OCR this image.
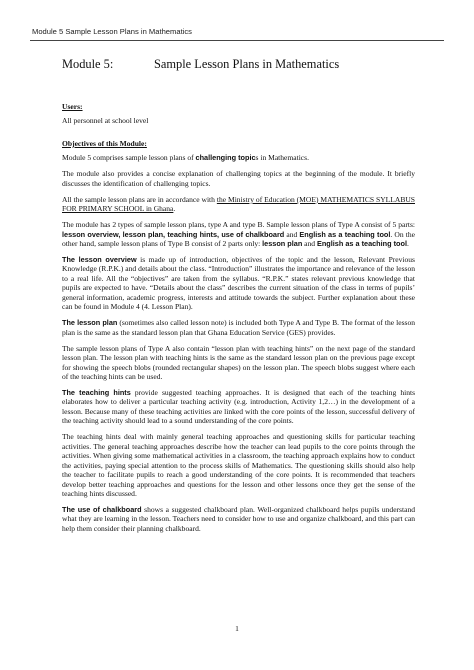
Module 5 Sample Lesson Plans in Mathematics
Module 5:	Sample Lesson Plans in Mathematics

Users:

All personnel at school level

Objectives of this Module:

Module 5 comprises sample lesson plans of challenging topics in Mathematics.

The module also provides a concise explanation of challenging topics at the beginning of the module. It briefly discusses the identification of challenging topics.

All the sample lesson plans are in accordance with the Ministry of Education (MOE) MATHEMATICS SYLLABUS FOR PRIMARY SCHOOL in Ghana.

The module has 2 types of sample lesson plans, type A and type B. Sample lesson plans of Type A consist of 5 parts: lesson overview, lesson plan, teaching hints, use of chalkboard and English as a teaching tool. On the other hand, sample lesson plans of Type B consist of 2 parts only: lesson plan and English as a teaching tool.

The lesson overview is made up of introduction, objectives of the topic and the lesson, Relevant Previous Knowledge (R.P.K.) and details about the class. “Introduction” illustrates the importance and relevance of the lesson to a real life. All the “objectives” are taken from the syllabus. “R.P.K.” states relevant previous knowledge that pupils are expected to have. “Details about the class” describes the current situation of the class in terms of pupils’ general information, academic progress, interests and attitude towards the subject. Further explanation about these can be found in Module 4 (4. Lesson Plan).

The lesson plan (sometimes also called lesson note) is included both Type A and Type B. The format of the lesson plan is the same as the standard lesson plan that Ghana Education Service (GES) provides.

The sample lesson plans of Type A also contain “lesson plan with teaching hints” on the next page of the standard lesson plan. The lesson plan with teaching hints is the same as the standard lesson plan on the previous page except for showing the speech blobs (rounded rectangular shapes) on the lesson plan. The speech blobs suggest where each of the teaching hints can be used.

The teaching hints provide suggested teaching approaches. It is designed that each of the teaching hints elaborates how to deliver a particular teaching activity (e.g. introduction, Activity 1,2…) in the development of a lesson. Because many of these teaching activities are linked with the core points of the lesson, successful delivery of the teaching activity should lead to a sound understanding of the core points.

The teaching hints deal with mainly general teaching approaches and questioning skills for particular teaching activities. The general teaching approaches describe how the teacher can lead pupils to the core points through the activities. When giving some mathematical activities in a classroom, the teaching approach explains how to conduct the activities, paying special attention to the process skills of Mathematics. The questioning skills should also help the teacher to facilitate pupils to reach a good understanding of the core points. It is recommended that teachers develop better teaching approaches and questions for the lesson and other lessons once they get the sense of the teaching hints discussed.

The use of chalkboard shows a suggested chalkboard plan. Well-organized chalkboard helps pupils understand what they are learning in the lesson. Teachers need to consider how to use and organize chalkboard, and this part can help them consider their planning chalkboard.

1
